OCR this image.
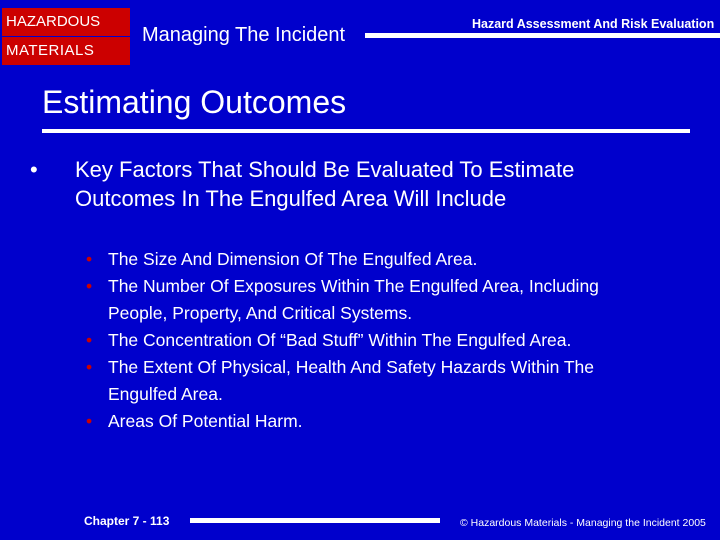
HAZARDOUS
MATERIALS
Managing The Incident	Hazard Assessment And Risk Evaluation
Estimating Outcomes
• Key Factors That Should Be Evaluated To Estimate Outcomes In The Engulfed Area Will Include
• The Size And Dimension Of The Engulfed Area.
• The Number Of Exposures Within The Engulfed Area, Including People, Property, And Critical Systems.
• The Concentration Of “Bad Stuff” Within The Engulfed Area.
• The Extent Of Physical, Health And Safety Hazards Within The Engulfed Area.
• Areas Of Potential Harm.
Chapter 7 - 113	© Hazardous Materials - Managing the Incident 2005
